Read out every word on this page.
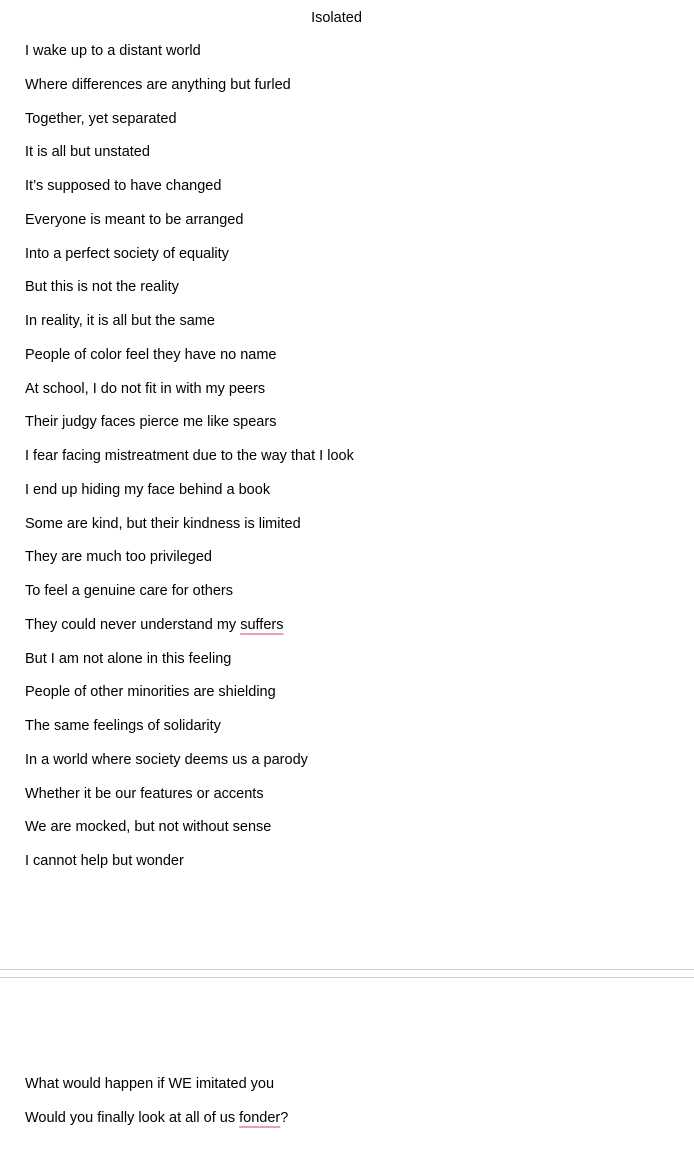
Isolated
I wake up to a distant world
Where differences are anything but furled
Together, yet separated
It is all but unstated
It’s supposed to have changed
Everyone is meant to be arranged
Into a perfect society of equality
But this is not the reality
In reality, it is all but the same
People of color feel they have no name
At school, I do not fit in with my peers
Their judgy faces pierce me like spears
I fear facing mistreatment due to the way that I look
I end up hiding my face behind a book
Some are kind, but their kindness is limited
They are much too privileged
To feel a genuine care for others
They could never understand my suffers
But I am not alone in this feeling
People of other minorities are shielding
The same feelings of solidarity
In a world where society deems us a parody
Whether it be our features or accents
We are mocked, but not without sense
I cannot help but wonder
What would happen if WE imitated you
Would you finally look at all of us fonder?
